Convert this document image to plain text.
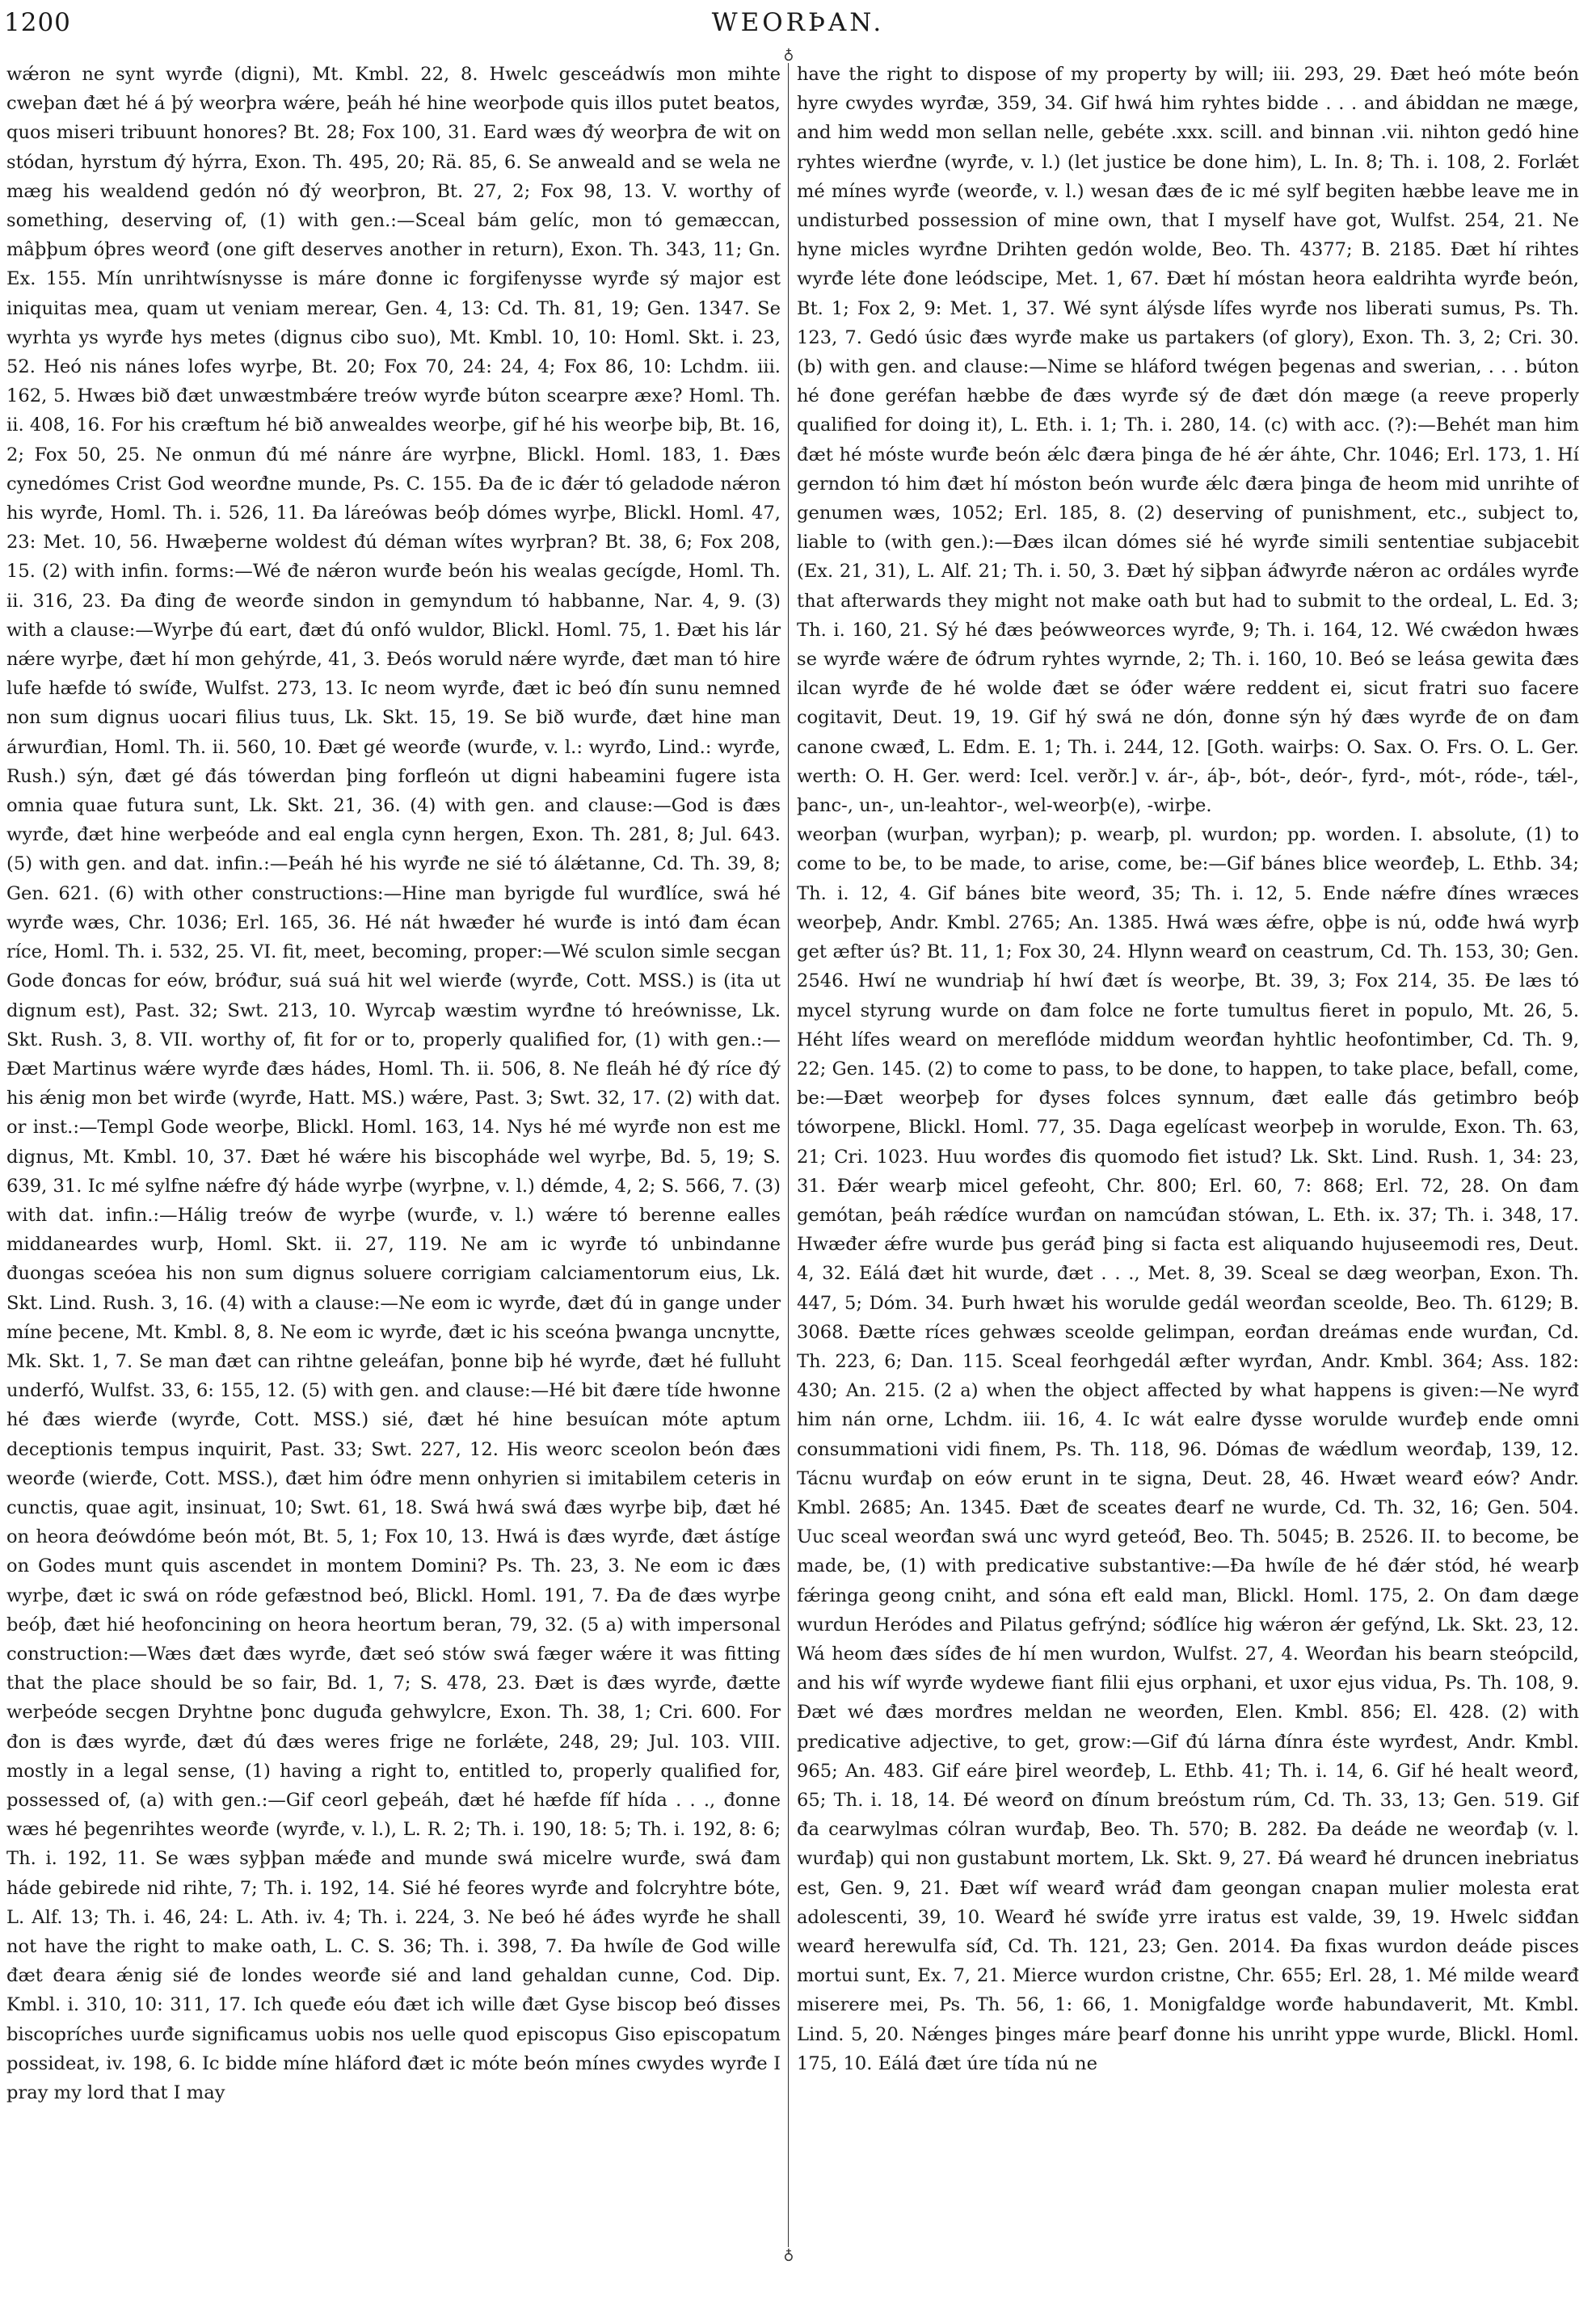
1200	WEORÞAN.

wǽron ne synt wyrđe (digni), Mt. Kmbl. 22, 8. Hwelc gesceádwís mon mihte cweþan đæt hé á þý weorþra wǽre, þeáh hé hine weorþode quis illos putet beatos, quos miseri tribuunt honores? Bt. 28; Fox 100, 31. Eard wæs đý weorþra đe wit on stódan, hyrstum đý hýrra, Exon. Th. 495, 20; Rä. 85, 6. Se anweald and se wela ne mæg his wealdend gedón nó đý weorþron, Bt. 27, 2; Fox 98, 13. V. worthy of something, deserving of, (1) with gen.:—Sceal bám gelíc, mon tó gemæccan, mâþþum óþres weorđ (one gift deserves another in return), Exon. Th. 343, 11; Gn. Ex. 155. Mín unrihtwísnysse is máre đonne ic forgifenysse wyrđe sý major est iniquitas mea, quam ut veniam merear, Gen. 4, 13: Cd. Th. 81, 19; Gen. 1347. Se wyrhta ys wyrđe hys metes (dignus cibo suo), Mt. Kmbl. 10, 10: Homl. Skt. i. 23, 52. Heó nis nánes lofes wyrþe, Bt. 20; Fox 70, 24: 24, 4; Fox 86, 10: Lchdm. iii. 162, 5. Hwæs bið đæt unwæstmbǽre treów wyrđe búton scearpre æxe? Homl. Th. ii. 408, 16. For his cræftum hé bið anwealdes weorþe, gif hé his weorþe biþ, Bt. 16, 2; Fox 50, 25. Ne onmun đú mé nánre áre wyrþne, Blickl. Homl. 183, 1. Đæs cynedómes Crist God weorđne munde, Ps. C. 155. Đa đe ic đǽr tó geladode nǽron his wyrđe, Homl. Th. i. 526, 11. Đa láreówas beóþ dómes wyrþe, Blickl. Homl. 47, 23: Met. 10, 56. Hwæþerne woldest đú déman wítes wyrþran? Bt. 38, 6; Fox 208, 15. (2) with infin. forms:—Wé đe nǽron wurđe beón his wealas gecígde, Homl. Th. ii. 316, 23. Đa đing đe weorđe sindon in gemyndum tó habbanne, Nar. 4, 9. (3) with a clause:—Wyrþe đú eart, đæt đú onfó wuldor, Blickl. Homl. 75, 1. Đæt his lár nǽre wyrþe, đæt hí mon gehýrde, 41, 3. Đeós woruld nǽre wyrđe, đæt man tó hire lufe hæfde tó swíđe, Wulfst. 273, 13. Ic neom wyrđe, đæt ic beó đín sunu nemned non sum dignus uocari filius tuus, Lk. Skt. 15, 19. Se bið wurđe, đæt hine man árwurđian, Homl. Th. ii. 560, 10. Đæt gé weorđe (wurđe, v. l.: wyrđo, Lind.: wyrđe, Rush.) sýn, đæt gé đás tówerdan þing forfleón ut digni habeamini fugere ista omnia quae futura sunt, Lk. Skt. 21, 36. (4) with gen. and clause:—God is đæs wyrđe, đæt hine werþeóde and eal engla cynn hergen, Exon. Th. 281, 8; Jul. 643. (5) with gen. and dat. infin.:—Þeáh hé his wyrđe ne sié tó álǽtanne, Cd. Th. 39, 8; Gen. 621. (6) with other constructions:—Hine man byrigde ful wurđlíce, swá hé wyrđe wæs, Chr. 1036; Erl. 165, 36. Hé nát hwæđer hé wurđe is intó đam écan ríce, Homl. Th. i. 532, 25. VI. fit, meet, becoming, proper:—Wé sculon simle secgan Gode đoncas for eów, bróđur, suá suá hit wel wierđe (wyrđe, Cott. MSS.) is (ita ut dignum est), Past. 32; Swt. 213, 10. Wyrcaþ wæstim wyrđne tó hreównisse, Lk. Skt. Rush. 3, 8. VII. worthy of, fit for or to, properly qualified for, (1) with gen.:—Đæt Martinus wǽre wyrđe đæs hádes, Homl. Th. ii. 506, 8. Ne fleáh hé đý ríce đý his ǽnig mon bet wirđe (wyrđe, Hatt. MS.) wǽre, Past. 3; Swt. 32, 17. (2) with dat. or inst.:—Templ Gode weorþe, Blickl. Homl. 163, 14. Nys hé mé wyrđe non est me dignus, Mt. Kmbl. 10, 37. Đæt hé wǽre his biscopháde wel wyrþe, Bd. 5, 19; S. 639, 31. Ic mé sylfne nǽfre đý háde wyrþe (wyrþne, v. l.) démde, 4, 2; S. 566, 7. (3) with dat. infin.:—Hálig treów đe wyrþe (wurđe, v. l.) wǽre tó berenne ealles middaneardes wurþ, Homl. Skt. ii. 27, 119. Ne am ic wyrđe tó unbindanne đuongas sceóea his non sum dignus soluere corrigiam calciamentorum eius, Lk. Skt. Lind. Rush. 3, 16. (4) with a clause:—Ne eom ic wyrđe, đæt đú in gange under míne þecene, Mt. Kmbl. 8, 8. Ne eom ic wyrđe, đæt ic his sceóna þwanga uncnytte, Mk. Skt. 1, 7. Se man đæt can rihtne geleáfan, þonne biþ hé wyrđe, đæt hé fulluht underfó, Wulfst. 33, 6: 155, 12. (5) with gen. and clause:—Hé bit đære tíde hwonne hé đæs wierđe (wyrđe, Cott. MSS.) sié, đæt hé hine besuícan móte aptum deceptionis tempus inquirit, Past. 33; Swt. 227, 12. His weorc sceolon beón đæs weorđe (wierđe, Cott. MSS.), đæt him óđre menn onhyrien si imitabilem ceteris in cunctis, quae agit, insinuat, 10; Swt. 61, 18. Swá hwá swá đæs wyrþe biþ, đæt hé on heora đeówdóme beón mót, Bt. 5, 1; Fox 10, 13. Hwá is đæs wyrđe, đæt ástíge on Godes munt quis ascendet in montem Domini? Ps. Th. 23, 3. Ne eom ic đæs wyrþe, đæt ic swá on róde gefæstnod beó, Blickl. Homl. 191, 7. Đa đe đæs wyrþe beóþ, đæt hié heofoncining on heora heortum beran, 79, 32. (5 a) with impersonal construction:—Wæs đæt đæs wyrđe, đæt seó stów swá fæger wǽre it was fitting that the place should be so fair, Bd. 1, 7; S. 478, 23. Đæt is đæs wyrđe, đætte werþeóde secgen Dryhtne þonc duguđa gehwylcre, Exon. Th. 38, 1; Cri. 600. For đon is đæs wyrđe, đæt đú đæs weres frige ne forlǽte, 248, 29; Jul. 103. VIII. mostly in a legal sense, (1) having a right to, entitled to, properly qualified for, possessed of, (a) with gen.:—Gif ceorl geþeáh, đæt hé hæfde fíf hída . . ., đonne wæs hé þegenrihtes weorđe (wyrđe, v. l.), L. R. 2; Th. i. 190, 18: 5; Th. i. 192, 8: 6; Th. i. 192, 11. Se wæs syþþan mǽđe and munde swá micelre wurđe, swá đam háde gebirede nid rihte, 7; Th. i. 192, 14. Sié hé feores wyrđe and folcryhtre bóte, L. Alf. 13; Th. i. 46, 24: L. Ath. iv. 4; Th. i. 224, 3. Ne beó hé áđes wyrđe he shall not have the right to make oath, L. C. S. 36; Th. i. 398, 7. Đa hwíle đe God wille đæt đeara ǽnig sié đe londes weorđe sié and land gehaldan cunne, Cod. Dip. Kmbl. i. 310, 10: 311, 17. Ich queđe eóu đæt ich wille đæt Gyse biscop beó đisses biscopríches uurđe significamus uobis nos uelle quod episcopus Giso episcopatum possideat, iv. 198, 6. Ic bidde míne hláford đæt ic móte beón mínes cwydes wyrđe I pray my lord that I may

♁
♁

have the right to dispose of my property by will; iii. 293, 29. Đæt heó móte beón hyre cwydes wyrđæ, 359, 34. Gif hwá him ryhtes bidde . . . and ábiddan ne mæge, and him wedd mon sellan nelle, gebéte .xxx. scill. and binnan .vii. nihton gedó hine ryhtes wierđne (wyrđe, v. l.) (let justice be done him), L. In. 8; Th. i. 108, 2. Forlǽt mé mínes wyrđe (weorđe, v. l.) wesan đæs đe ic mé sylf begiten hæbbe leave me in undisturbed possession of mine own, that I myself have got, Wulfst. 254, 21. Ne hyne micles wyrđne Drihten gedón wolde, Beo. Th. 4377; B. 2185. Đæt hí rihtes wyrđe léte đone leódscipe, Met. 1, 67. Đæt hí móstan heora ealdrihta wyrđe beón, Bt. 1; Fox 2, 9: Met. 1, 37. Wé synt álýsde lífes wyrđe nos liberati sumus, Ps. Th. 123, 7. Gedó úsic đæs wyrđe make us partakers (of glory), Exon. Th. 3, 2; Cri. 30. (b) with gen. and clause:—Nime se hláford twégen þegenas and swerian, . . . búton hé đone geréfan hæbbe đe đæs wyrđe sý đe đæt dón mæge (a reeve properly qualified for doing it), L. Eth. i. 1; Th. i. 280, 14. (c) with acc. (?):—Behét man him đæt hé móste wurđe beón ǽlc đæra þinga đe hé ǽr áhte, Chr. 1046; Erl. 173, 1. Hí gerndon tó him đæt hí móston beón wurđe ǽlc đæra þinga đe heom mid unrihte of genumen wæs, 1052; Erl. 185, 8. (2) deserving of punishment, etc., subject to, liable to (with gen.):—Đæs ilcan dómes sié hé wyrđe simili sententiae subjacebit (Ex. 21, 31), L. Alf. 21; Th. i. 50, 3. Đæt hý siþþan áđwyrđe nǽron ac ordáles wyrđe that afterwards they might not make oath but had to submit to the ordeal, L. Ed. 3; Th. i. 160, 21. Sý hé đæs þeówweorces wyrđe, 9; Th. i. 164, 12. Wé cwǽdon hwæs se wyrđe wǽre đe óđrum ryhtes wyrnde, 2; Th. i. 160, 10. Beó se leása gewita đæs ilcan wyrđe đe hé wolde đæt se óđer wǽre reddent ei, sicut fratri suo facere cogitavit, Deut. 19, 19. Gif hý swá ne dón, đonne sýn hý đæs wyrđe đe on đam canone cwæđ, L. Edm. E. 1; Th. i. 244, 12. [Goth. wairþs: O. Sax. O. Frs. O. L. Ger. werth: O. H. Ger. werd: Icel. verðr.] v. ár-, áþ-, bót-, deór-, fyrd-, mót-, róde-, tǽl-, þanc-, un-, un-leahtor-, wel-weorþ(e), -wirþe.

weorþan (wurþan, wyrþan); p. wearþ, pl. wurdon; pp. worden. I. absolute, (1) to come to be, to be made, to arise, come, be:—Gif bánes blice weorđeþ, L. Ethb. 34; Th. i. 12, 4. Gif bánes bite weorđ, 35; Th. i. 12, 5. Ende nǽfre đínes wræces weorþeþ, Andr. Kmbl. 2765; An. 1385. Hwá wæs ǽfre, oþþe is nú, odđe hwá wyrþ get æfter ús? Bt. 11, 1; Fox 30, 24. Hlynn wearđ on ceastrum, Cd. Th. 153, 30; Gen. 2546. Hwí ne wundriaþ hí hwí đæt ís weorþe, Bt. 39, 3; Fox 214, 35. Đe læs tó mycel styrung wurde on đam folce ne forte tumultus fieret in populo, Mt. 26, 5. Héht lífes weard on mereflóde middum weorđan hyhtlic heofontimber, Cd. Th. 9, 22; Gen. 145. (2) to come to pass, to be done, to happen, to take place, befall, come, be:—Đæt weorþeþ for đyses folces synnum, đæt ealle đás getimbro beóþ tóworpene, Blickl. Homl. 77, 35. Daga egelícast weorþeþ in woruldе, Exon. Th. 63, 21; Cri. 1023. Huu worđes đis quomodo fiet istud? Lk. Skt. Lind. Rush. 1, 34: 23, 31. Đǽr wearþ micel gefeoht, Chr. 800; Erl. 60, 7: 868; Erl. 72, 28. On đam gemótan, þeáh rǽdíce wurđan on namcúđan stówan, L. Eth. ix. 37; Th. i. 348, 17. Hwæđer ǽfre wurde þus geráđ þing si facta est aliquando hujuseemodi res, Deut. 4, 32. Eálá đæt hit wurde, đæt . . ., Met. 8, 39. Sceal se dæg weorþan, Exon. Th. 447, 5; Dóm. 34. Þurh hwæt his worulde gedál weorđan sceolde, Beo. Th. 6129; B. 3068. Đætte ríces gehwæs sceolde gelimpan, eorđan dreámas ende wurđan, Cd. Th. 223, 6; Dan. 115. Sceal feorhgedál æfter wyrđan, Andr. Kmbl. 364; Ass. 182: 430; An. 215. (2 a) when the object affected by what happens is given:—Ne wyrđ him nán orne, Lchdm. iii. 16, 4. Ic wát ealre đysse worulde wurđeþ ende omni consummationi vidi finem, Ps. Th. 118, 96. Dómas đe wǽdlum weorđaþ, 139, 12. Tácnu wurđaþ on eów erunt in te signa, Deut. 28, 46. Hwæt wearđ eów? Andr. Kmbl. 2685; An. 1345. Đæt đe sceates đearf ne wurde, Cd. Th. 32, 16; Gen. 504. Uuc sceal weorđan swá unc wyrd geteóđ, Beo. Th. 5045; B. 2526. II. to become, be made, be, (1) with predicative substantive:—Đa hwíle đe hé đǽr stód, hé wearþ fǽringa geong cniht, and sóna eft eald man, Blickl. Homl. 175, 2. On đam dæge wurdun Heródes and Pilatus gefrýnd; sóđlíce hig wǽron ǽr gefýnd, Lk. Skt. 23, 12. Wá heom đæs síđes đe hí men wurdon, Wulfst. 27, 4. Weorđan his bearn steópcild, and his wíf wyrđe wydewe fiant filii ejus orphani, et uxor ejus vidua, Ps. Th. 108, 9. Đæt wé đæs morđres meldan ne weorđen, Elen. Kmbl. 856; El. 428. (2) with predicative adjective, to get, grow:—Gif đú lárna đínra éste wyrđest, Andr. Kmbl. 965; An. 483. Gif eáre þirel weorđeþ, L. Ethb. 41; Th. i. 14, 6. Gif hé healt weorđ, 65; Th. i. 18, 14. Đé weorđ on đínum breóstum rúm, Cd. Th. 33, 13; Gen. 519. Gif đa cearwylmas cólran wurđaþ, Beo. Th. 570; B. 282. Đa deáde ne weorđaþ (v. l. wurđaþ) qui non gustabunt mortem, Lk. Skt. 9, 27. Đá wearđ hé druncen inebriatus est, Gen. 9, 21. Đæt wíf wearđ wráđ đam geongan cnapan mulier molesta erat adolescenti, 39, 10. Wearđ hé swíđe yrre iratus est valde, 39, 19. Hwelc siđđan wearđ herewulfa síđ, Cd. Th. 121, 23; Gen. 2014. Đa fixas wurdon deáde pisces mortui sunt, Ex. 7, 21. Mierce wurdon cristne, Chr. 655; Erl. 28, 1. Mé milde wearđ miserere mei, Ps. Th. 56, 1: 66, 1. Monigfaldge worđe habundaverit, Mt. Kmbl. Lind. 5, 20. Nǽnges þinges máre þearf đonne his unriht yppe wurde, Blickl. Homl. 175, 10. Eálá đæt úre tída nú ne
